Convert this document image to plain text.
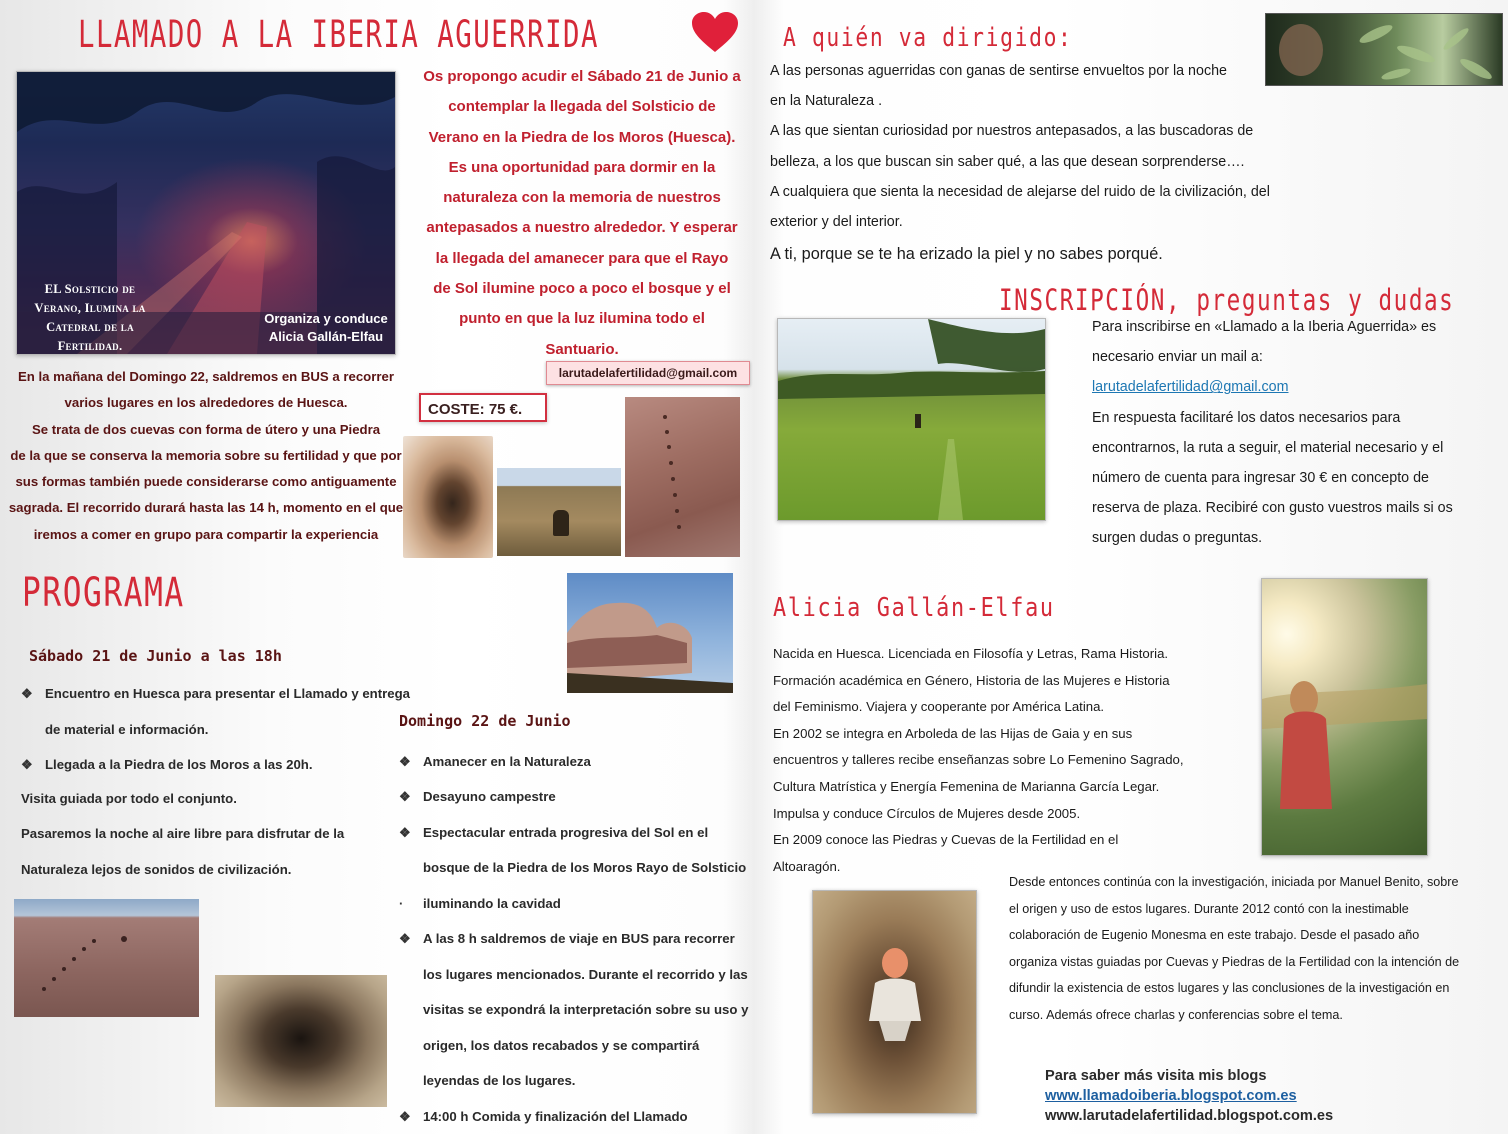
LLAMADO A LA IBERIA AGUERRIDA
EL Solsticio de
Verano, Ilumina la
Catedral de la
Fertilidad.
Organiza y conduce
Alicia Gallán-Elfau
Os propongo acudir el Sábado 21 de Junio a
contemplar la llegada del Solsticio de
Verano en la Piedra de los Moros (Huesca).
Es una oportunidad para dormir en la
naturaleza con la memoria de nuestros
antepasados a nuestro alrededor. Y esperar
la llegada del amanecer para que el Rayo
de Sol ilumine poco a poco el bosque y el
punto en que la luz ilumina todo el
Santuario.
larutadelafertilidad@gmail.com
COSTE: 75 €.
En la mañana del Domingo 22, saldremos en BUS a recorrer
varios lugares en los alrededores de Huesca.
Se trata de dos cuevas con forma de útero y una Piedra
de la que se conserva la memoria sobre su fertilidad y que por
sus formas también puede considerarse como antiguamente
sagrada. El recorrido durará hasta las 14 h, momento en el que
iremos a comer en grupo para compartir la experiencia
PROGRAMA
Sábado 21 de Junio a las 18h
❖ Encuentro en Huesca para presentar el Llamado y entrega
de material e información.
❖ Llegada a la Piedra de los Moros a las 20h.
Visita guiada por todo el conjunto.
Pasaremos la noche al aire libre para disfrutar de la
Naturaleza lejos de sonidos de civilización.
Domingo 22 de Junio
❖ Amanecer en la Naturaleza
❖ Desayuno campestre
❖ Espectacular entrada progresiva del Sol en el
bosque de la Piedra de los Moros Rayo de Solsticio
· iluminando la cavidad
❖ A las 8 h saldremos de viaje en BUS para recorrer
los lugares mencionados. Durante el recorrido y las
visitas se expondrá la interpretación sobre su uso y
origen, los datos recabados y se compartirá
leyendas de los lugares.
❖ 14:00 h Comida y finalización del Llamado
A quién va dirigido:
A las personas aguerridas con ganas de sentirse envueltos por la noche
en la Naturaleza .
A las que sientan curiosidad por nuestros antepasados, a las buscadoras de
belleza, a los que buscan sin saber qué, a las que desean sorprenderse….
A cualquiera que sienta la necesidad de alejarse del ruido de la civilización, del
exterior y del interior.
A ti, porque se te ha erizado la piel y no sabes porqué.
INSCRIPCIÓN, preguntas y dudas
Para inscribirse en «Llamado a la Iberia Aguerrida» es
necesario enviar un mail a:
larutadelafertilidad@gmail.com
En respuesta facilitaré los datos necesarios para
encontrarnos, la ruta a seguir, el material necesario y el
número de cuenta para ingresar 30 € en concepto de
reserva de plaza. Recibiré con gusto vuestros mails si os
surgen dudas o preguntas.
Alicia Gallán-Elfau
Nacida en Huesca. Licenciada en Filosofía y Letras, Rama Historia.
Formación académica en Género, Historia de las Mujeres e Historia
del Feminismo. Viajera y cooperante por América Latina.
En 2002 se integra en Arboleda de las Hijas de Gaia y en sus
encuentros y talleres recibe enseñanzas sobre Lo Femenino Sagrado,
Cultura Matrística y Energía Femenina de Marianna García Legar.
Impulsa y conduce Círculos de Mujeres desde 2005.
En 2009 conoce las Piedras y Cuevas de la Fertilidad en el
Altoaragón.
Desde entonces continúa con la investigación, iniciada por Manuel Benito, sobre
el origen y uso de estos lugares. Durante 2012 contó con la inestimable
colaboración de Eugenio Monesma en este trabajo. Desde el pasado año
organiza vistas guiadas por Cuevas y Piedras de la Fertilidad con la intención de
difundir la existencia de estos lugares y las conclusiones de la investigación en
curso. Además ofrece charlas y conferencias sobre el tema.
Para saber más visita mis blogs
www.llamadoiberia.blogspot.com.es
www.larutadelafertilidad.blogspot.com.es
